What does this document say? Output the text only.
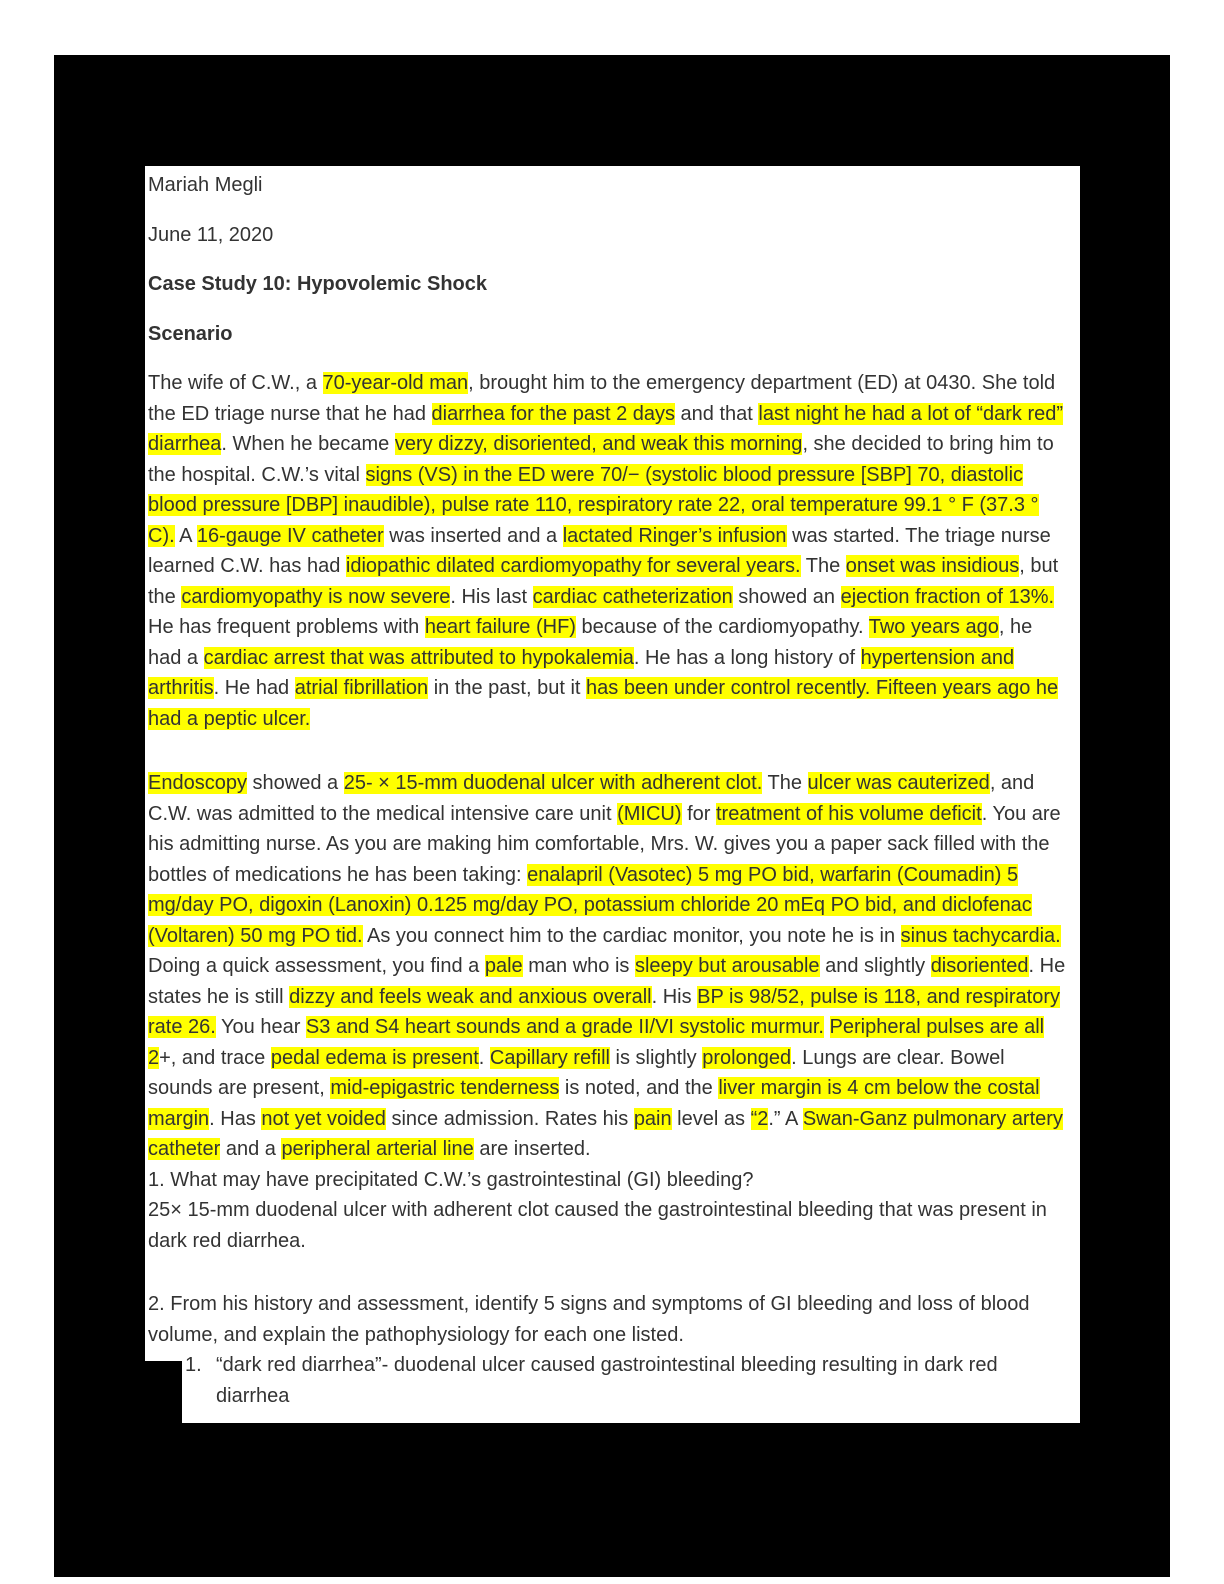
Mariah Megli

June 11, 2020

Case Study 10: Hypovolemic Shock

Scenario

The wife of C.W., a 70-year-old man, brought him to the emergency department (ED) at 0430. She told the ED triage nurse that he had diarrhea for the past 2 days and that last night he had a lot of “dark red” diarrhea. When he became very dizzy, disoriented, and weak this morning, she decided to bring him to the hospital. C.W.’s vital signs (VS) in the ED were 70/− (systolic blood pressure [SBP] 70, diastolic blood pressure [DBP] inaudible), pulse rate 110, respiratory rate 22, oral temperature 99.1 ° F (37.3 ° C). A 16-gauge IV catheter was inserted and a lactated Ringer’s infusion was started. The triage nurse learned C.W. has had idiopathic dilated cardiomyopathy for several years. The onset was insidious, but the cardiomyopathy is now severe. His last cardiac catheterization showed an ejection fraction of 13%. He has frequent problems with heart failure (HF) because of the cardiomyopathy. Two years ago, he had a cardiac arrest that was attributed to hypokalemia. He has a long history of hypertension and arthritis. He had atrial fibrillation in the past, but it has been under control recently. Fifteen years ago he had a peptic ulcer.

Endoscopy showed a 25- × 15-mm duodenal ulcer with adherent clot. The ulcer was cauterized, and C.W. was admitted to the medical intensive care unit (MICU) for treatment of his volume deficit. You are his admitting nurse. As you are making him comfortable, Mrs. W. gives you a paper sack filled with the bottles of medications he has been taking: enalapril (Vasotec) 5 mg PO bid, warfarin (Coumadin) 5 mg/day PO, digoxin (Lanoxin) 0.125 mg/day PO, potassium chloride 20 mEq PO bid, and diclofenac (Voltaren) 50 mg PO tid. As you connect him to the cardiac monitor, you note he is in sinus tachycardia. Doing a quick assessment, you find a pale man who is sleepy but arousable and slightly disoriented. He states he is still dizzy and feels weak and anxious overall. His BP is 98/52, pulse is 118, and respiratory rate 26. You hear S3 and S4 heart sounds and a grade II/VI systolic murmur. Peripheral pulses are all 2+, and trace pedal edema is present. Capillary refill is slightly prolonged. Lungs are clear. Bowel sounds are present, mid-epigastric tenderness is noted, and the liver margin is 4 cm below the costal margin. Has not yet voided since admission. Rates his pain level as “2.” A Swan-Ganz pulmonary artery catheter and a peripheral arterial line are inserted.

1. What may have precipitated C.W.’s gastrointestinal (GI) bleeding?

25× 15-mm duodenal ulcer with adherent clot caused the gastrointestinal bleeding that was present in dark red diarrhea.

2. From his history and assessment, identify 5 signs and symptoms of GI bleeding and loss of blood volume, and explain the pathophysiology for each one listed.

1. “dark red diarrhea”- duodenal ulcer caused gastrointestinal bleeding resulting in dark red diarrhea
